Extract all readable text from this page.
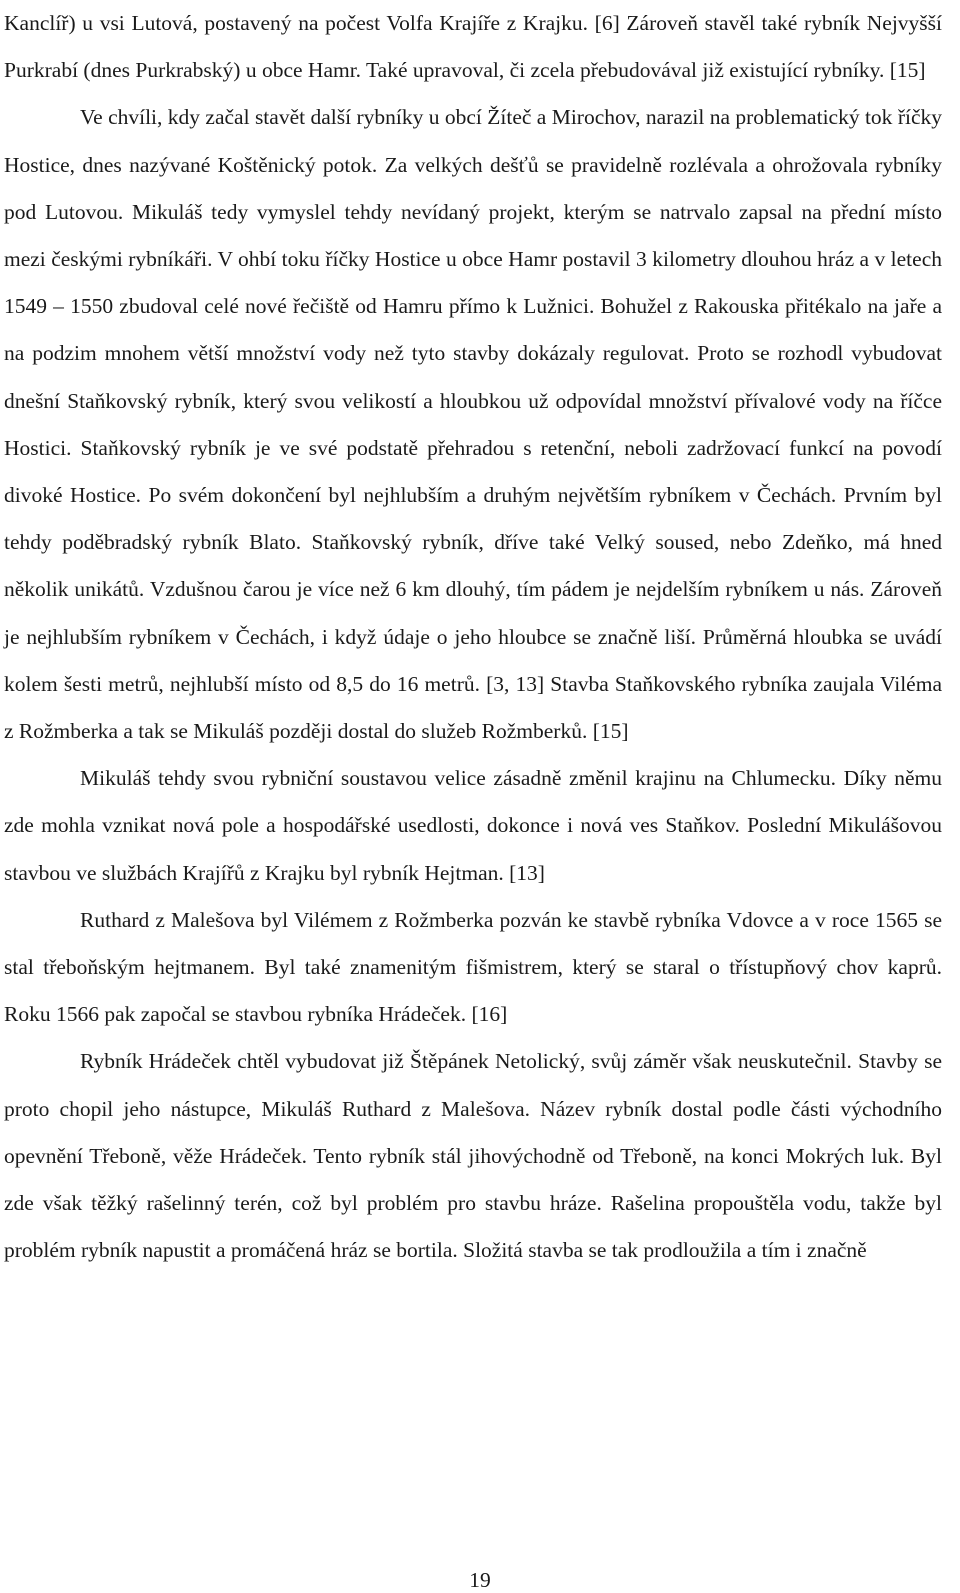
Kanclíř) u vsi Lutová, postavený na počest Volfa Krajíře z Krajku. [6] Zároveň stavěl také rybník Nejvyšší Purkrabí (dnes Purkrabský) u obce Hamr. Také upravoval, či zcela přebudovával již existující rybníky. [15]

Ve chvíli, kdy začal stavět další rybníky u obcí Žíteč a Mirochov, narazil na problematický tok říčky Hostice, dnes nazývané Koštěnický potok. Za velkých dešťů se pravidelně rozlévala a ohrožovala rybníky pod Lutovou. Mikuláš tedy vymyslel tehdy nevídaný projekt, kterým se natrvalo zapsal na přední místo mezi českými rybníkáři. V ohbí toku říčky Hostice u obce Hamr postavil 3 kilometry dlouhou hráz a v letech 1549 – 1550 zbudoval celé nové řečiště od Hamru přímo k Lužnici. Bohužel z Rakouska přitékalo na jaře a na podzim mnohem větší množství vody než tyto stavby dokázaly regulovat. Proto se rozhodl vybudovat dnešní Staňkovský rybník, který svou velikostí a hloubkou už odpovídal množství přívalové vody na říčce Hostici. Staňkovský rybník je ve své podstatě přehradou s retenční, neboli zadržovací funkcí na povodí divoké Hostice. Po svém dokončení byl nejhlubším a druhým největším rybníkem v Čechách. Prvním byl tehdy poděbradský rybník Blato. Staňkovský rybník, dříve také Velký soused, nebo Zdeňko, má hned několik unikátů. Vzdušnou čarou je více než 6 km dlouhý, tím pádem je nejdelším rybníkem u nás. Zároveň je nejhlubším rybníkem v Čechách, i když údaje o jeho hloubce se značně liší. Průměrná hloubka se uvádí kolem šesti metrů, nejhlubší místo od 8,5 do 16 metrů. [3, 13] Stavba Staňkovského rybníka zaujala Viléma z Rožmberka a tak se Mikuláš později dostal do služeb Rožmberků. [15]

Mikuláš tehdy svou rybniční soustavou velice zásadně změnil krajinu na Chlumecku. Díky němu zde mohla vznikat nová pole a hospodářské usedlosti, dokonce i nová ves Staňkov. Poslední Mikulášovou stavbou ve službách Krajířů z Krajku byl rybník Hejtman. [13]

Ruthard z Malešova byl Vilémem z Rožmberka pozván ke stavbě rybníka Vdovce a v roce 1565 se stal třeboňským hejtmanem. Byl také znamenitým fišmistrem, který se staral o třístupňový chov kaprů. Roku 1566 pak započal se stavbou rybníka Hrádeček. [16]

Rybník Hrádeček chtěl vybudovat již Štěpánek Netolický, svůj záměr však neuskutečnil. Stavby se proto chopil jeho nástupce, Mikuláš Ruthard z Malešova. Název rybník dostal podle části východního opevnění Třeboně, věže Hrádeček. Tento rybník stál jihovýchodně od Třeboně, na konci Mokrých luk. Byl zde však těžký rašelinný terén, což byl problém pro stavbu hráze. Rašelina propouštěla vodu, takže byl problém rybník napustit a promáčená hráz se bortila. Složitá stavba se tak prodloužila a tím i značně

19
